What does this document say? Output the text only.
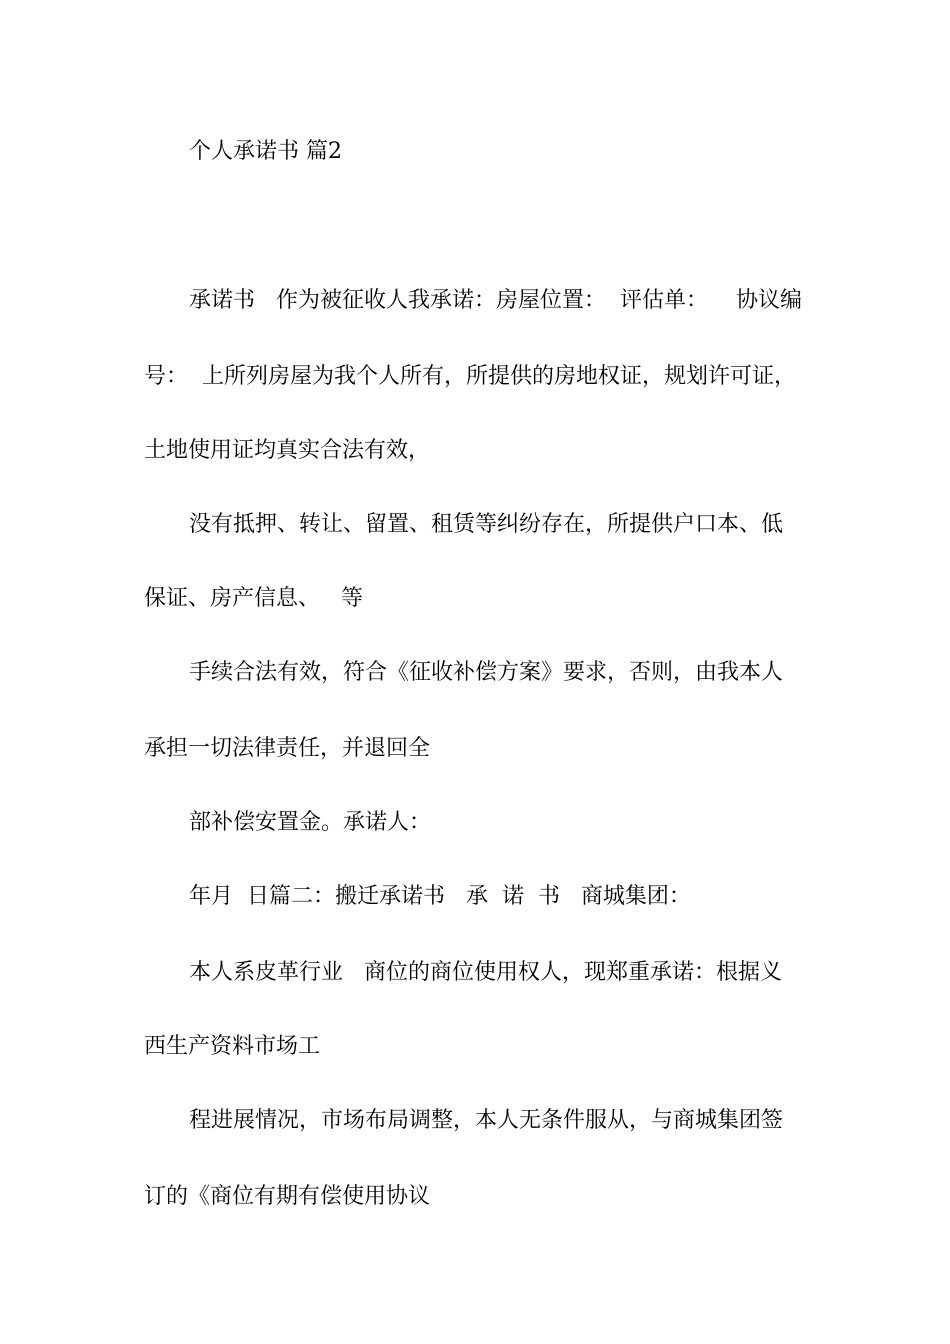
个人承诺书 篇2
承诺书   作为被征收人我承诺：房屋位置：  评估单：    协议编
号：  上所列房屋为我个人所有，所提供的房地权证，规划许可证，
土地使用证均真实合法有效，
没有抵押、转让、留置、租赁等纠纷存在，所提供户口本、低
保证、房产信息、   等
手续合法有效，符合《征收补偿方案》要求，否则，由我本人
承担一切法律责任，并退回全
部补偿安置金。承诺人：
年月  日篇二：搬迁承诺书   承  诺  书   商城集团：
本人系皮革行业   商位的商位使用权人，现郑重承诺：根据义
西生产资料市场工
程进展情况，市场布局调整，本人无条件服从，与商城集团签
订的《商位有期有偿使用协议
